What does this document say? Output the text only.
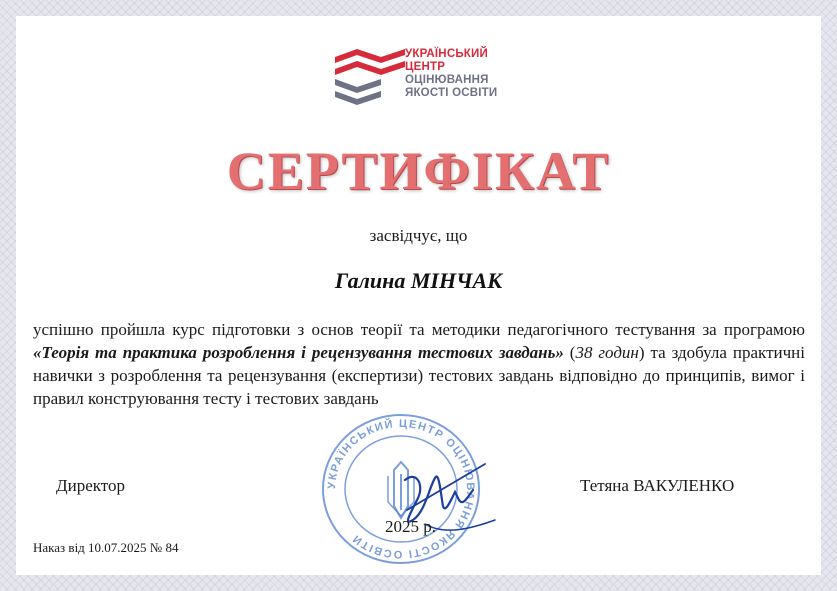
УКРАЇНСЬКИЙ
ЦЕНТР
ОЦІНЮВАННЯ
ЯКОСТІ ОСВІТИ
СЕРТИФІКАТ
засвідчує, що
Галина МІНЧАК
успішно пройшла курс підготовки з основ теорії та методики педагогічного тестування за програмою «Теорія та практика розроблення і рецензування тестових завдань» (38 годин) та здобула практичні навички з розроблення та рецензування (експертизи) тестових завдань відповідно до принципів, вимог і правил конструювання тесту і тестових завдань
УКРАЇНСЬКИЙ ЦЕНТР ОЦІНЮВАННЯ ЯКОСТІ ОСВІТИ
Директор	Тетяна ВАКУЛЕНКО
2025 р.
Наказ від 10.07.2025 № 84
